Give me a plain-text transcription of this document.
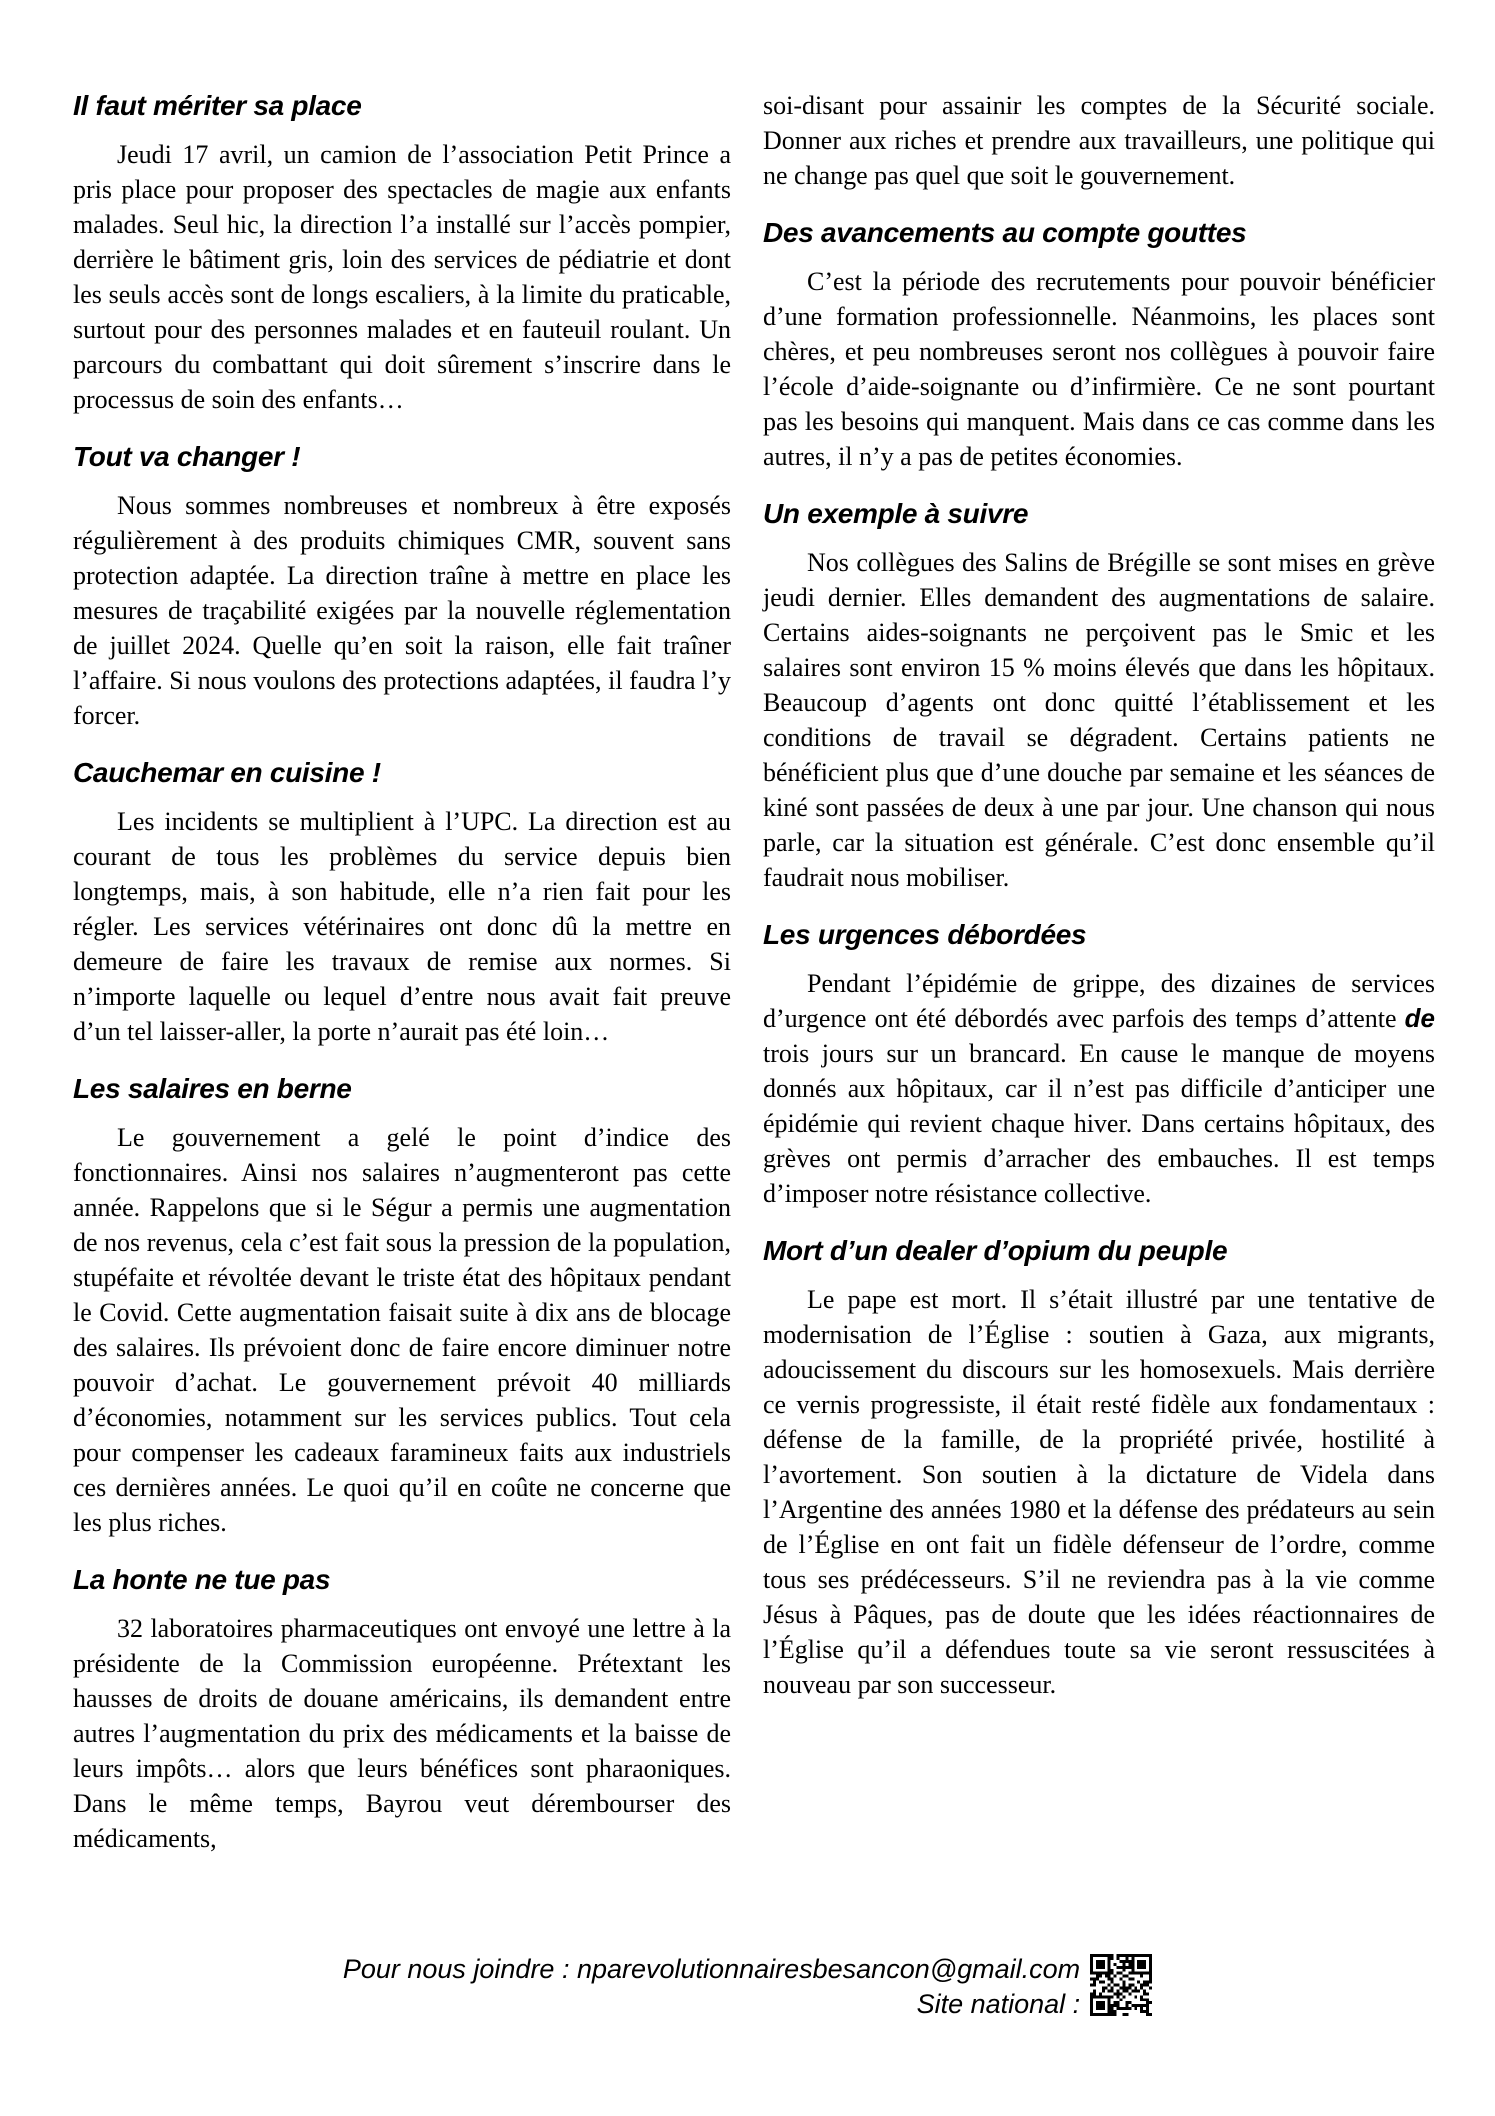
Il faut mériter sa place

Jeudi 17 avril, un camion de l’association Petit Prince a pris place pour proposer des spectacles de magie aux enfants malades. Seul hic, la direction l’a installé sur l’accès pompier, derrière le bâtiment gris, loin des services de pédiatrie et dont les seuls accès sont de longs escaliers, à la limite du praticable, surtout pour des personnes malades et en fauteuil roulant. Un parcours du combattant qui doit sûrement s’inscrire dans le processus de soin des enfants…

Tout va changer !

Nous sommes nombreuses et nombreux à être exposés régulièrement à des produits chimiques CMR, souvent sans protection adaptée. La direction traîne à mettre en place les mesures de traçabilité exigées par la nouvelle réglementation de juillet 2024. Quelle qu’en soit la raison, elle fait traîner l’affaire. Si nous voulons des protections adaptées, il faudra l’y forcer.

Cauchemar en cuisine !

Les incidents se multiplient à l’UPC. La direction est au courant de tous les problèmes du service depuis bien longtemps, mais, à son habitude, elle n’a rien fait pour les régler. Les services vétérinaires ont donc dû la mettre en demeure de faire les travaux de remise aux normes. Si n’importe laquelle ou lequel d’entre nous avait fait preuve d’un tel laisser-aller, la porte n’aurait pas été loin…

Les salaires en berne

Le gouvernement a gelé le point d’indice des fonctionnaires. Ainsi nos salaires n’augmenteront pas cette année. Rappelons que si le Ségur a permis une augmentation de nos revenus, cela c’est fait sous la pression de la population, stupéfaite et révoltée devant le triste état des hôpitaux pendant le Covid. Cette augmentation faisait suite à dix ans de blocage des salaires. Ils prévoient donc de faire encore diminuer notre pouvoir d’achat. Le gouvernement prévoit 40 milliards d’économies, notamment sur les services publics. Tout cela pour compenser les cadeaux faramineux faits aux industriels ces dernières années. Le quoi qu’il en coûte ne concerne que les plus riches.

La honte ne tue pas

32 laboratoires pharmaceutiques ont envoyé une lettre à la présidente de la Commission européenne. Prétextant les hausses de droits de douane américains, ils demandent entre autres l’augmentation du prix des médicaments et la baisse de leurs impôts… alors que leurs bénéfices sont pharaoniques. Dans le même temps, Bayrou veut dérembourser des médicaments,

soi-disant pour assainir les comptes de la Sécurité sociale. Donner aux riches et prendre aux travailleurs, une politique qui ne change pas quel que soit le gouvernement.

Des avancements au compte gouttes

C’est la période des recrutements pour pouvoir bénéficier d’une formation professionnelle. Néanmoins, les places sont chères, et peu nombreuses seront nos collègues à pouvoir faire l’école d’aide-soignante ou d’infirmière. Ce ne sont pourtant pas les besoins qui manquent. Mais dans ce cas comme dans les autres, il n’y a pas de petites économies.

Un exemple à suivre

Nos collègues des Salins de Brégille se sont mises en grève jeudi dernier. Elles demandent des augmentations de salaire. Certains aides-soignants ne perçoivent pas le Smic et les salaires sont environ 15 % moins élevés que dans les hôpitaux. Beaucoup d’agents ont donc quitté l’établissement et les conditions de travail se dégradent. Certains patients ne bénéficient plus que d’une douche par semaine et les séances de kiné sont passées de deux à une par jour. Une chanson qui nous parle, car la situation est générale. C’est donc ensemble qu’il faudrait nous mobiliser.

Les urgences débordées

Pendant l’épidémie de grippe, des dizaines de services d’urgence ont été débordés avec parfois des temps d’attente de trois jours sur un brancard. En cause le manque de moyens donnés aux hôpitaux, car il n’est pas difficile d’anticiper une épidémie qui revient chaque hiver. Dans certains hôpitaux, des grèves ont permis d’arracher des embauches. Il est temps d’imposer notre résistance collective.

Mort d’un dealer d’opium du peuple

Le pape est mort. Il s’était illustré par une tentative de modernisation de l’Église : soutien à Gaza, aux migrants, adoucissement du discours sur les homosexuels. Mais derrière ce vernis progressiste, il était resté fidèle aux fondamentaux : défense de la famille, de la propriété privée, hostilité à l’avortement. Son soutien à la dictature de Videla dans l’Argentine des années 1980 et la défense des prédateurs au sein de l’Église en ont fait un fidèle défenseur de l’ordre, comme tous ses prédécesseurs. S’il ne reviendra pas à la vie comme Jésus à Pâques, pas de doute que les idées réactionnaires de l’Église qu’il a défendues toute sa vie seront ressuscitées à nouveau par son successeur.

Pour nous joindre : nparevolutionnairesbesancon@gmail.com
Site national :
